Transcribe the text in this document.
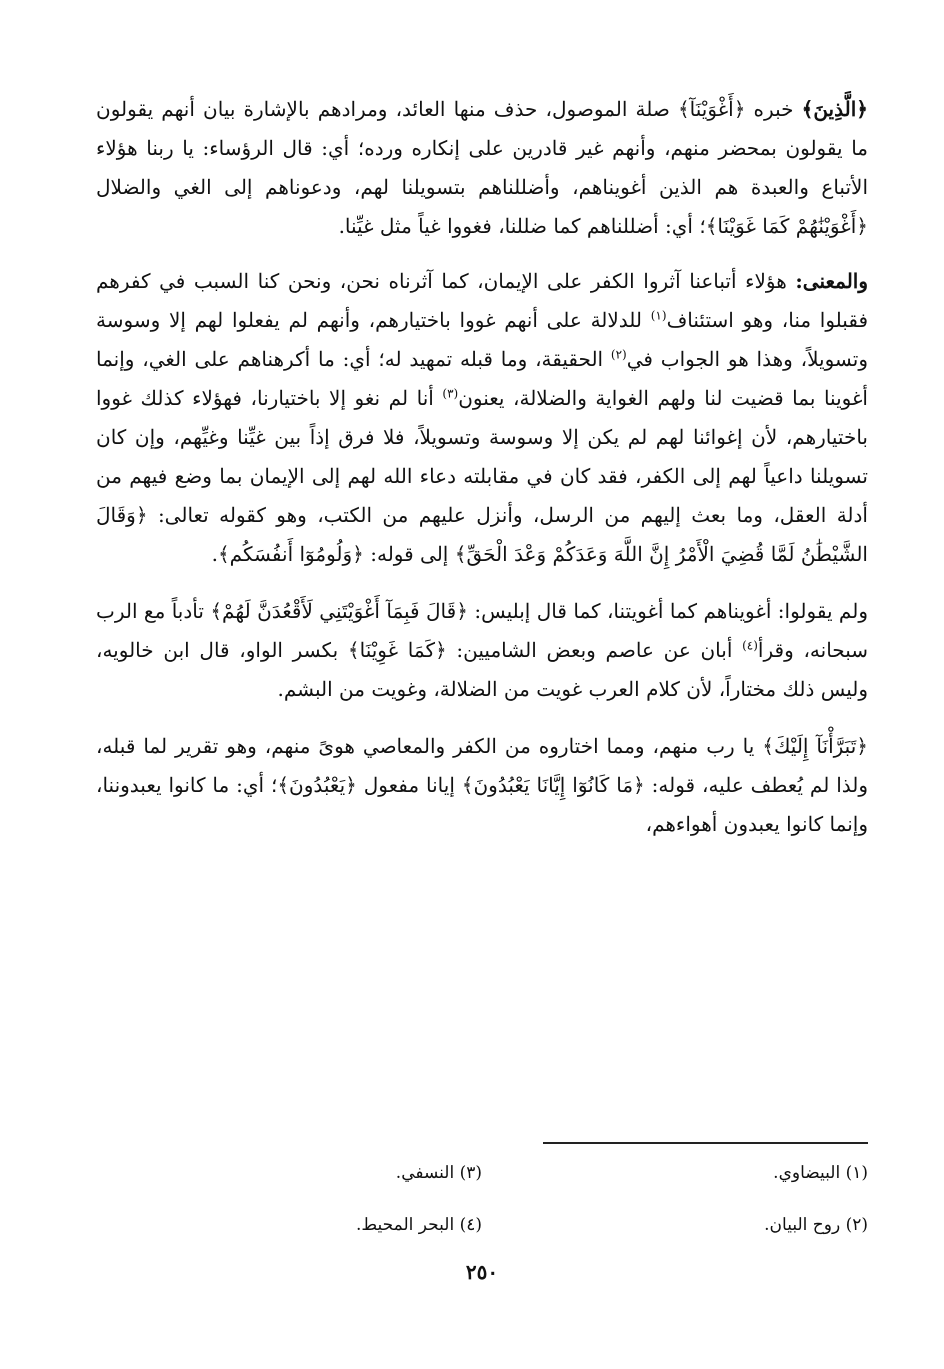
﴿الَّذِينَ﴾ خبره ﴿أَغْوَيْنَآ﴾ صلة الموصول، حذف منها العائد، ومرادهم بالإشارة بيان أنهم يقولون ما يقولون بمحضر منهم، وأنهم غير قادرين على إنكاره ورده؛ أي: قال الرؤساء: يا ربنا هؤلاء الأتباع والعبدة هم الذين أغويناهم، وأضللناهم بتسويلنا لهم، ودعوناهم إلى الغي والضلال ﴿أَغْوَيْنَٰهُمْ كَمَا غَوَيْنَا﴾؛ أي: أضللناهم كما ضللنا، فغووا غياً مثل غيِّنا.

والمعنى: هؤلاء أتباعنا آثروا الكفر على الإيمان، كما آثرناه نحن، ونحن كنا السبب في كفرهم فقبلوا منا، وهو استئناف$^{(١)}$ للدلالة على أنهم غووا باختيارهم، وأنهم لم يفعلوا لهم إلا وسوسة وتسويلاً، وهذا هو الجواب في$^{(٢)}$ الحقيقة، وما قبله تمهيد له؛ أي: ما أكرهناهم على الغي، وإنما أغوينا بما قضيت لنا ولهم الغواية والضلالة، يعنون$^{(٣)}$ أنا لم نغو إلا باختيارنا، فهؤلاء كذلك غووا باختيارهم، لأن إغوائنا لهم لم يكن إلا وسوسة وتسويلاً، فلا فرق إذاً بين غيِّنا وغيِّهم، وإن كان تسويلنا داعياً لهم إلى الكفر، فقد كان في مقابلته دعاء الله لهم إلى الإيمان بما وضع فيهم من أدلة العقل، وما بعث إليهم من الرسل، وأنزل عليهم من الكتب، وهو كقوله تعالى: ﴿وَقَالَ الشَّيْطَٰنُ لَمَّا قُضِيَ الْأَمْرُ إِنَّ اللَّهَ وَعَدَكُمْ وَعْدَ الْحَقِّ﴾ إلى قوله: ﴿وَلُومُوٓا أَنفُسَكُم﴾.

ولم يقولوا: أغويناهم كما أغويتنا، كما قال إبليس: ﴿قَالَ فَبِمَآ أَغْوَيْتَنِي لَأَقْعُدَنَّ لَهُمْ﴾ تأدباً مع الرب سبحانه، وقرأ$^{(٤)}$ أبان عن عاصم وبعض الشاميين: ﴿كَمَا غَوِيْنَا﴾ بكسر الواو، قال ابن خالويه، وليس ذلك مختاراً، لأن كلام العرب غويت من الضلالة، وغويت من البشم.

﴿تَبَرَّأْنَآ إِلَيْكَ﴾ يا رب منهم، ومما اختاروه من الكفر والمعاصي هوىً منهم، وهو تقرير لما قبله، ولذا لم يُعطف عليه، قوله: ﴿مَا كَانُوٓا إِيَّانَا يَعْبُدُونَ﴾ إيانا مفعول ﴿يَعْبُدُونَ﴾؛ أي: ما كانوا يعبدوننا، وإنما كانوا يعبدون أهواءهم،

(١) البيضاوي.
(٣) النسفي.
(٢) روح البيان.
(٤) البحر المحيط.
٢٥٠
